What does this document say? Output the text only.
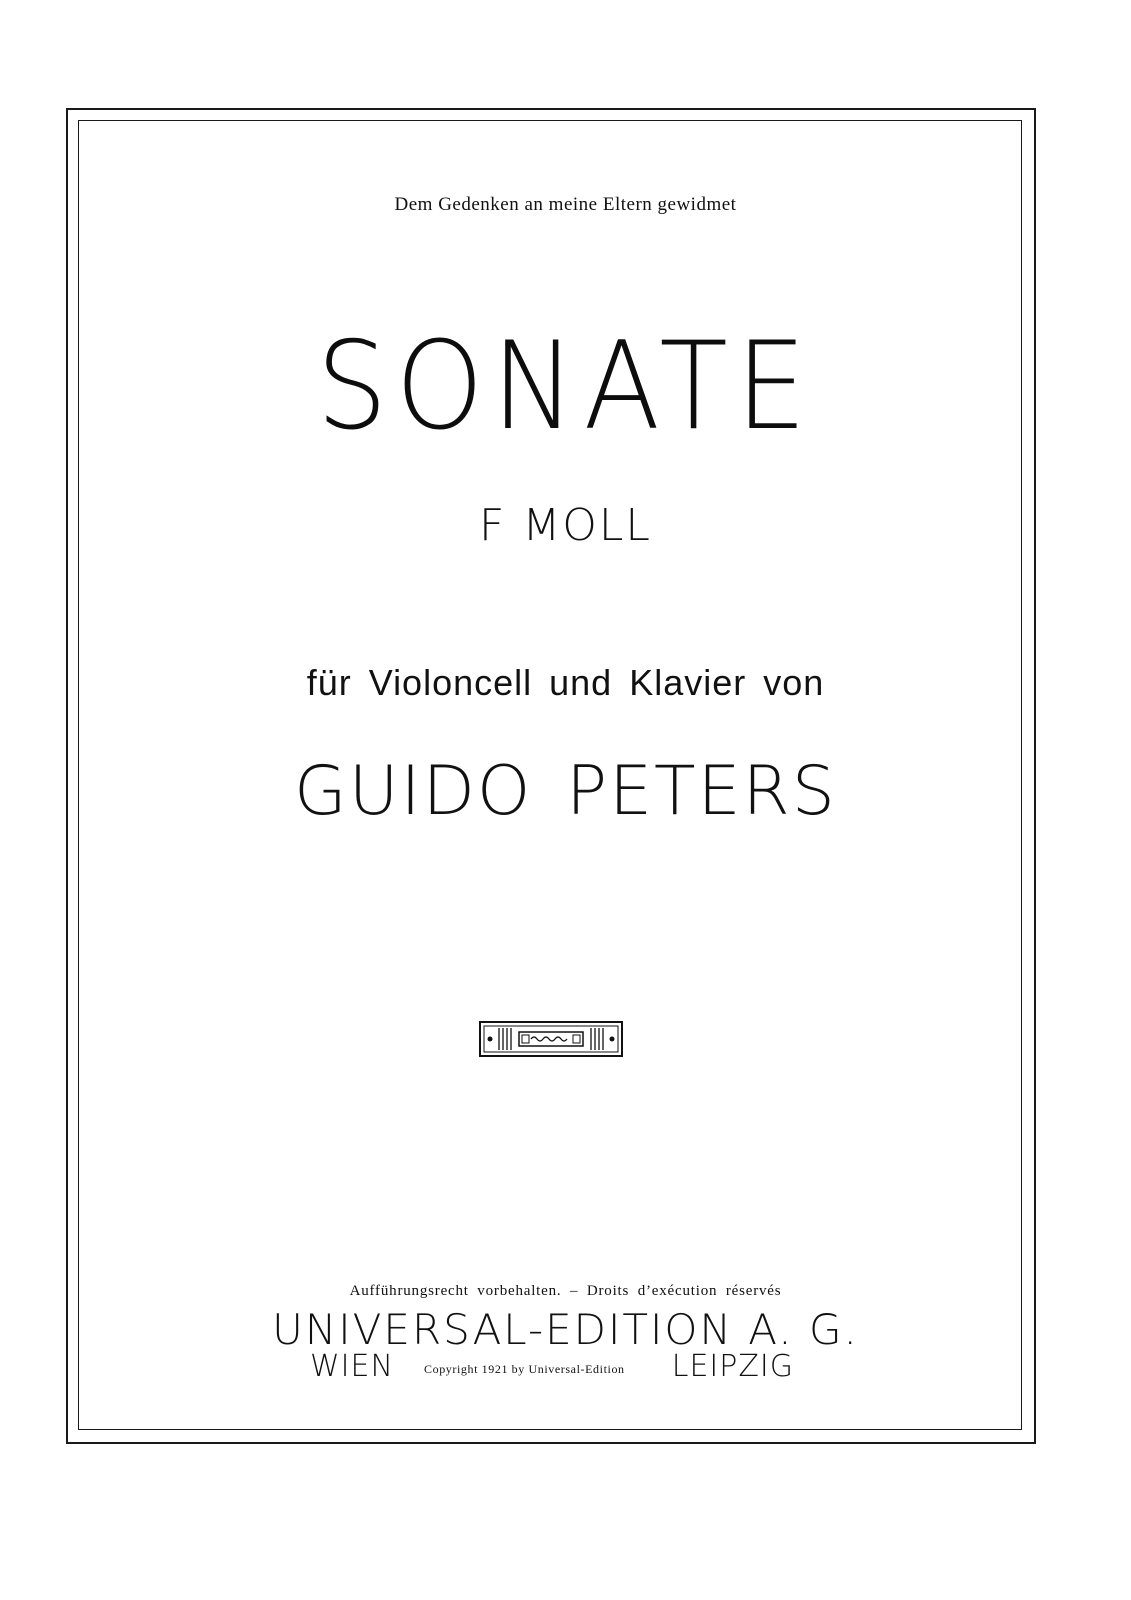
Dem Gedenken an meine Eltern gewidmet
SONATE
F MOLL
für Violoncell und Klavier von
GUIDO PETERS
Aufführungsrecht vorbehalten. – Droits d’exécution réservés
UNIVERSAL-EDITION A. G.
WIEN	Copyright 1921 by Universal-Edition LEIPZIG
